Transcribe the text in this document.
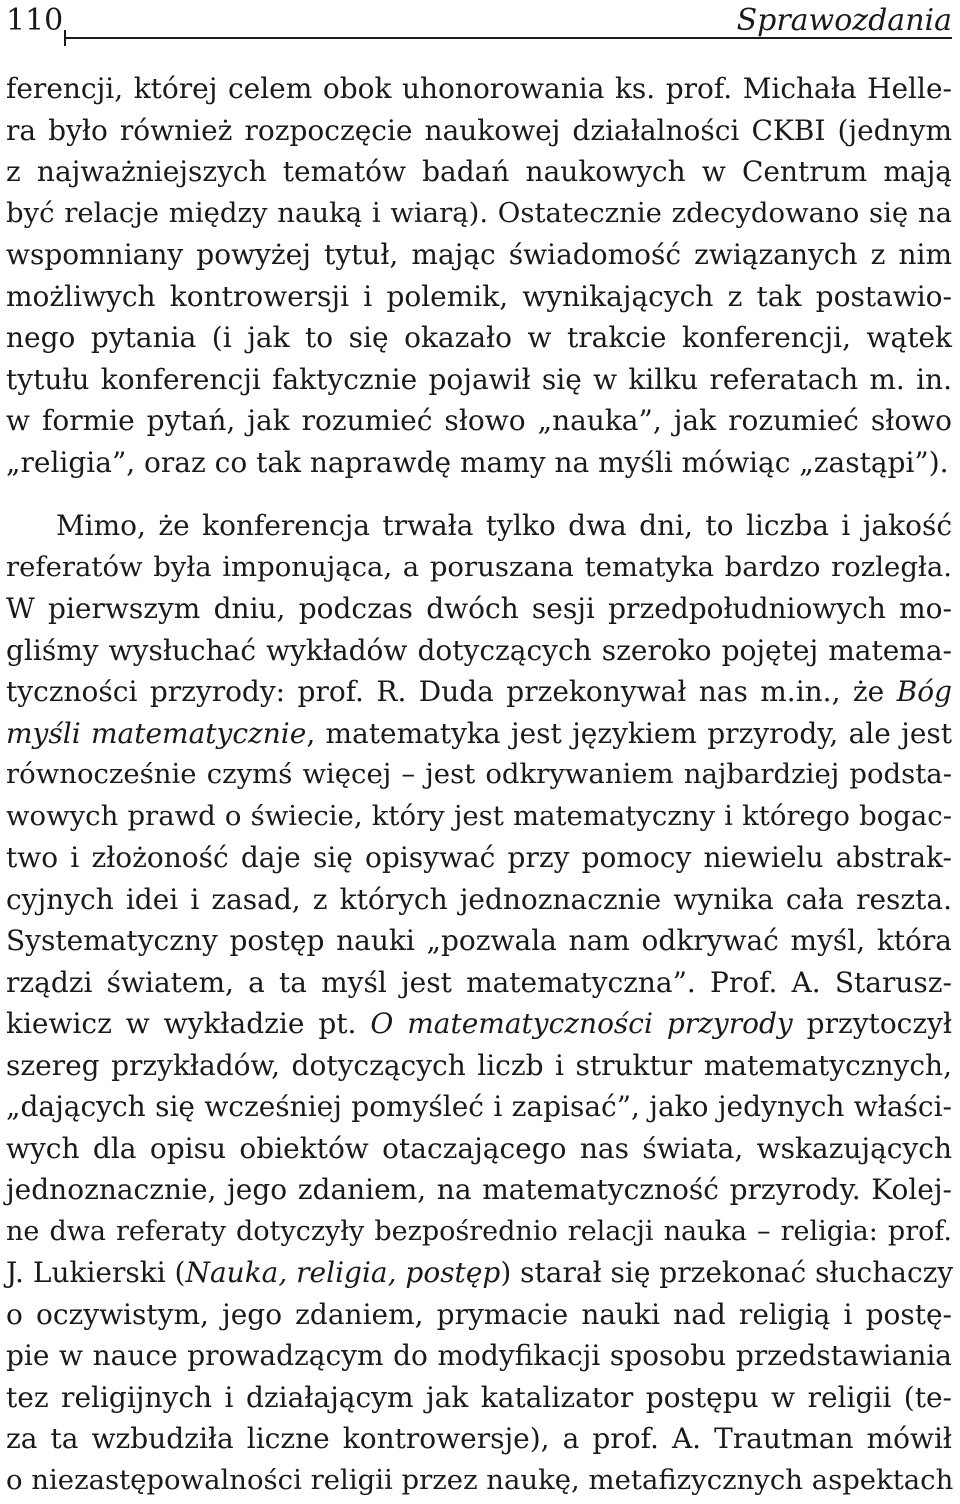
110	Sprawozdania
ferencji, której celem obok uhonorowania ks. prof. Michała Helle-
ra było również rozpoczęcie naukowej działalności CKBI (jednym
z najważniejszych tematów badań naukowych w Centrum mają
być relacje między nauką i wiarą). Ostatecznie zdecydowano się na
wspomniany powyżej tytuł, mając świadomość związanych z nim
możliwych kontrowersji i polemik, wynikających z tak postawio-
nego pytania (i jak to się okazało w trakcie konferencji, wątek
tytułu konferencji faktycznie pojawił się w kilku referatach m. in.
w formie pytań, jak rozumieć słowo „nauka”, jak rozumieć słowo
„religia”, oraz co tak naprawdę mamy na myśli mówiąc „zastąpi”).
Mimo, że konferencja trwała tylko dwa dni, to liczba i jakość
referatów była imponująca, a poruszana tematyka bardzo rozległa.
W pierwszym dniu, podczas dwóch sesji przedpołudniowych mo-
gliśmy wysłuchać wykładów dotyczących szeroko pojętej matema-
tyczności przyrody: prof. R. Duda przekonywał nas m.in., że Bóg
myśli matematycznie, matematyka jest językiem przyrody, ale jest
równocześnie czymś więcej – jest odkrywaniem najbardziej podsta-
wowych prawd o świecie, który jest matematyczny i którego bogac-
two i złożoność daje się opisywać przy pomocy niewielu abstrak-
cyjnych idei i zasad, z których jednoznacznie wynika cała reszta.
Systematyczny postęp nauki „pozwala nam odkrywać myśl, która
rządzi światem, a ta myśl jest matematyczna”. Prof. A. Starusz-
kiewicz w wykładzie pt. O matematyczności przyrody przytoczył
szereg przykładów, dotyczących liczb i struktur matematycznych,
„dających się wcześniej pomyśleć i zapisać”, jako jedynych właści-
wych dla opisu obiektów otaczającego nas świata, wskazujących
jednoznacznie, jego zdaniem, na matematyczność przyrody. Kolej-
ne dwa referaty dotyczyły bezpośrednio relacji nauka – religia: prof.
J. Lukierski (Nauka, religia, postęp) starał się przekonać słuchaczy
o oczywistym, jego zdaniem, prymacie nauki nad religią i postę-
pie w nauce prowadzącym do modyfikacji sposobu przedstawiania
tez religijnych i działającym jak katalizator postępu w religii (te-
za ta wzbudziła liczne kontrowersje), a prof. A. Trautman mówił
o niezastępowalności religii przez naukę, metafizycznych aspektach
